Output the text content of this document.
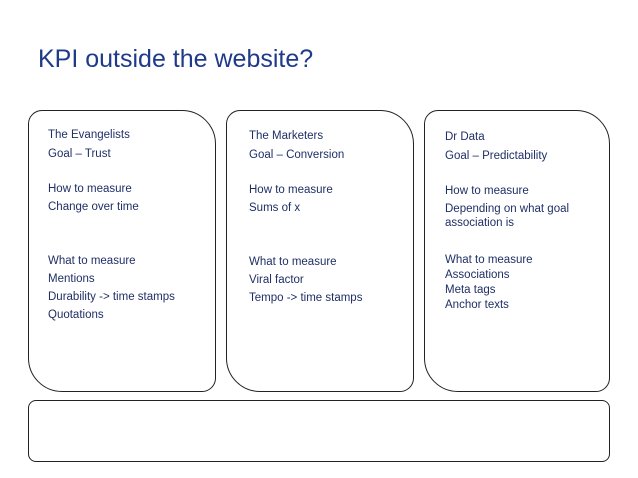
KPI outside the website?
The Evangelists
Goal – Trust
How to measure
Change over time
What to measure
Mentions
Durability -> time stamps
Quotations
The Marketers
Goal – Conversion
How to measure
Sums of x
What to measure
Viral factor
Tempo -> time stamps
Dr Data
Goal – Predictability
How to measure
Depending on what goal association is
What to measure
Associations
Meta tags
Anchor texts
